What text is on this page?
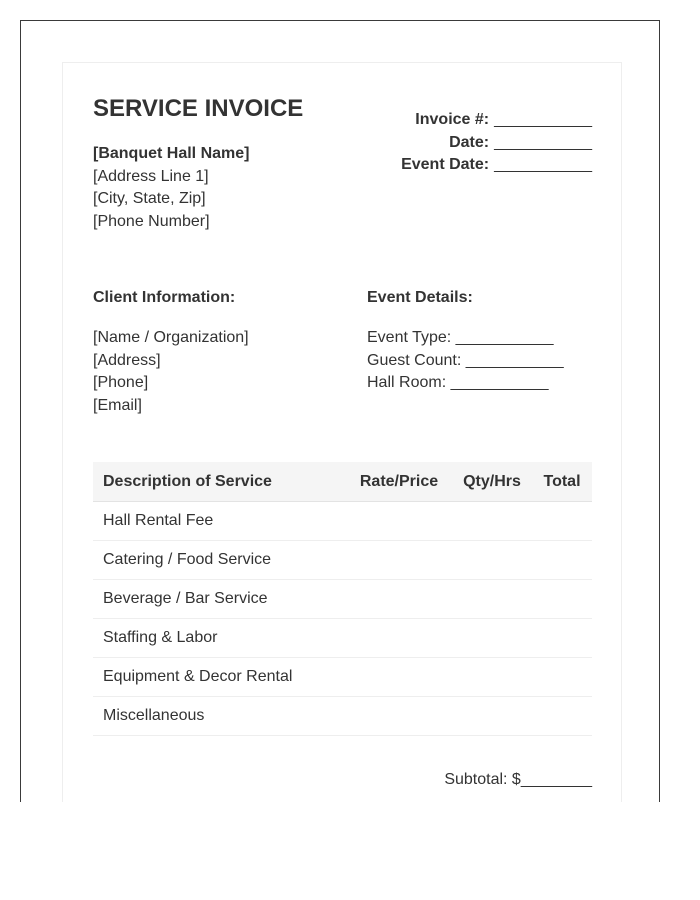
SERVICE INVOICE
[Banquet Hall Name]
[Address Line 1]
[City, State, Zip]
[Phone Number]
Invoice #: ___________
Date: ___________
Event Date: ___________
Client Information:
[Name / Organization]
[Address]
[Phone]
[Email]
Event Details:
Event Type: ___________
Guest Count: ___________
Hall Room: ___________
Description of Service	Rate/Price	Qty/Hrs	Total
Hall Rental Fee			
Catering / Food Service			
Beverage / Bar Service			
Staffing & Labor			
Equipment & Decor Rental			
Miscellaneous			
Subtotal: $________
